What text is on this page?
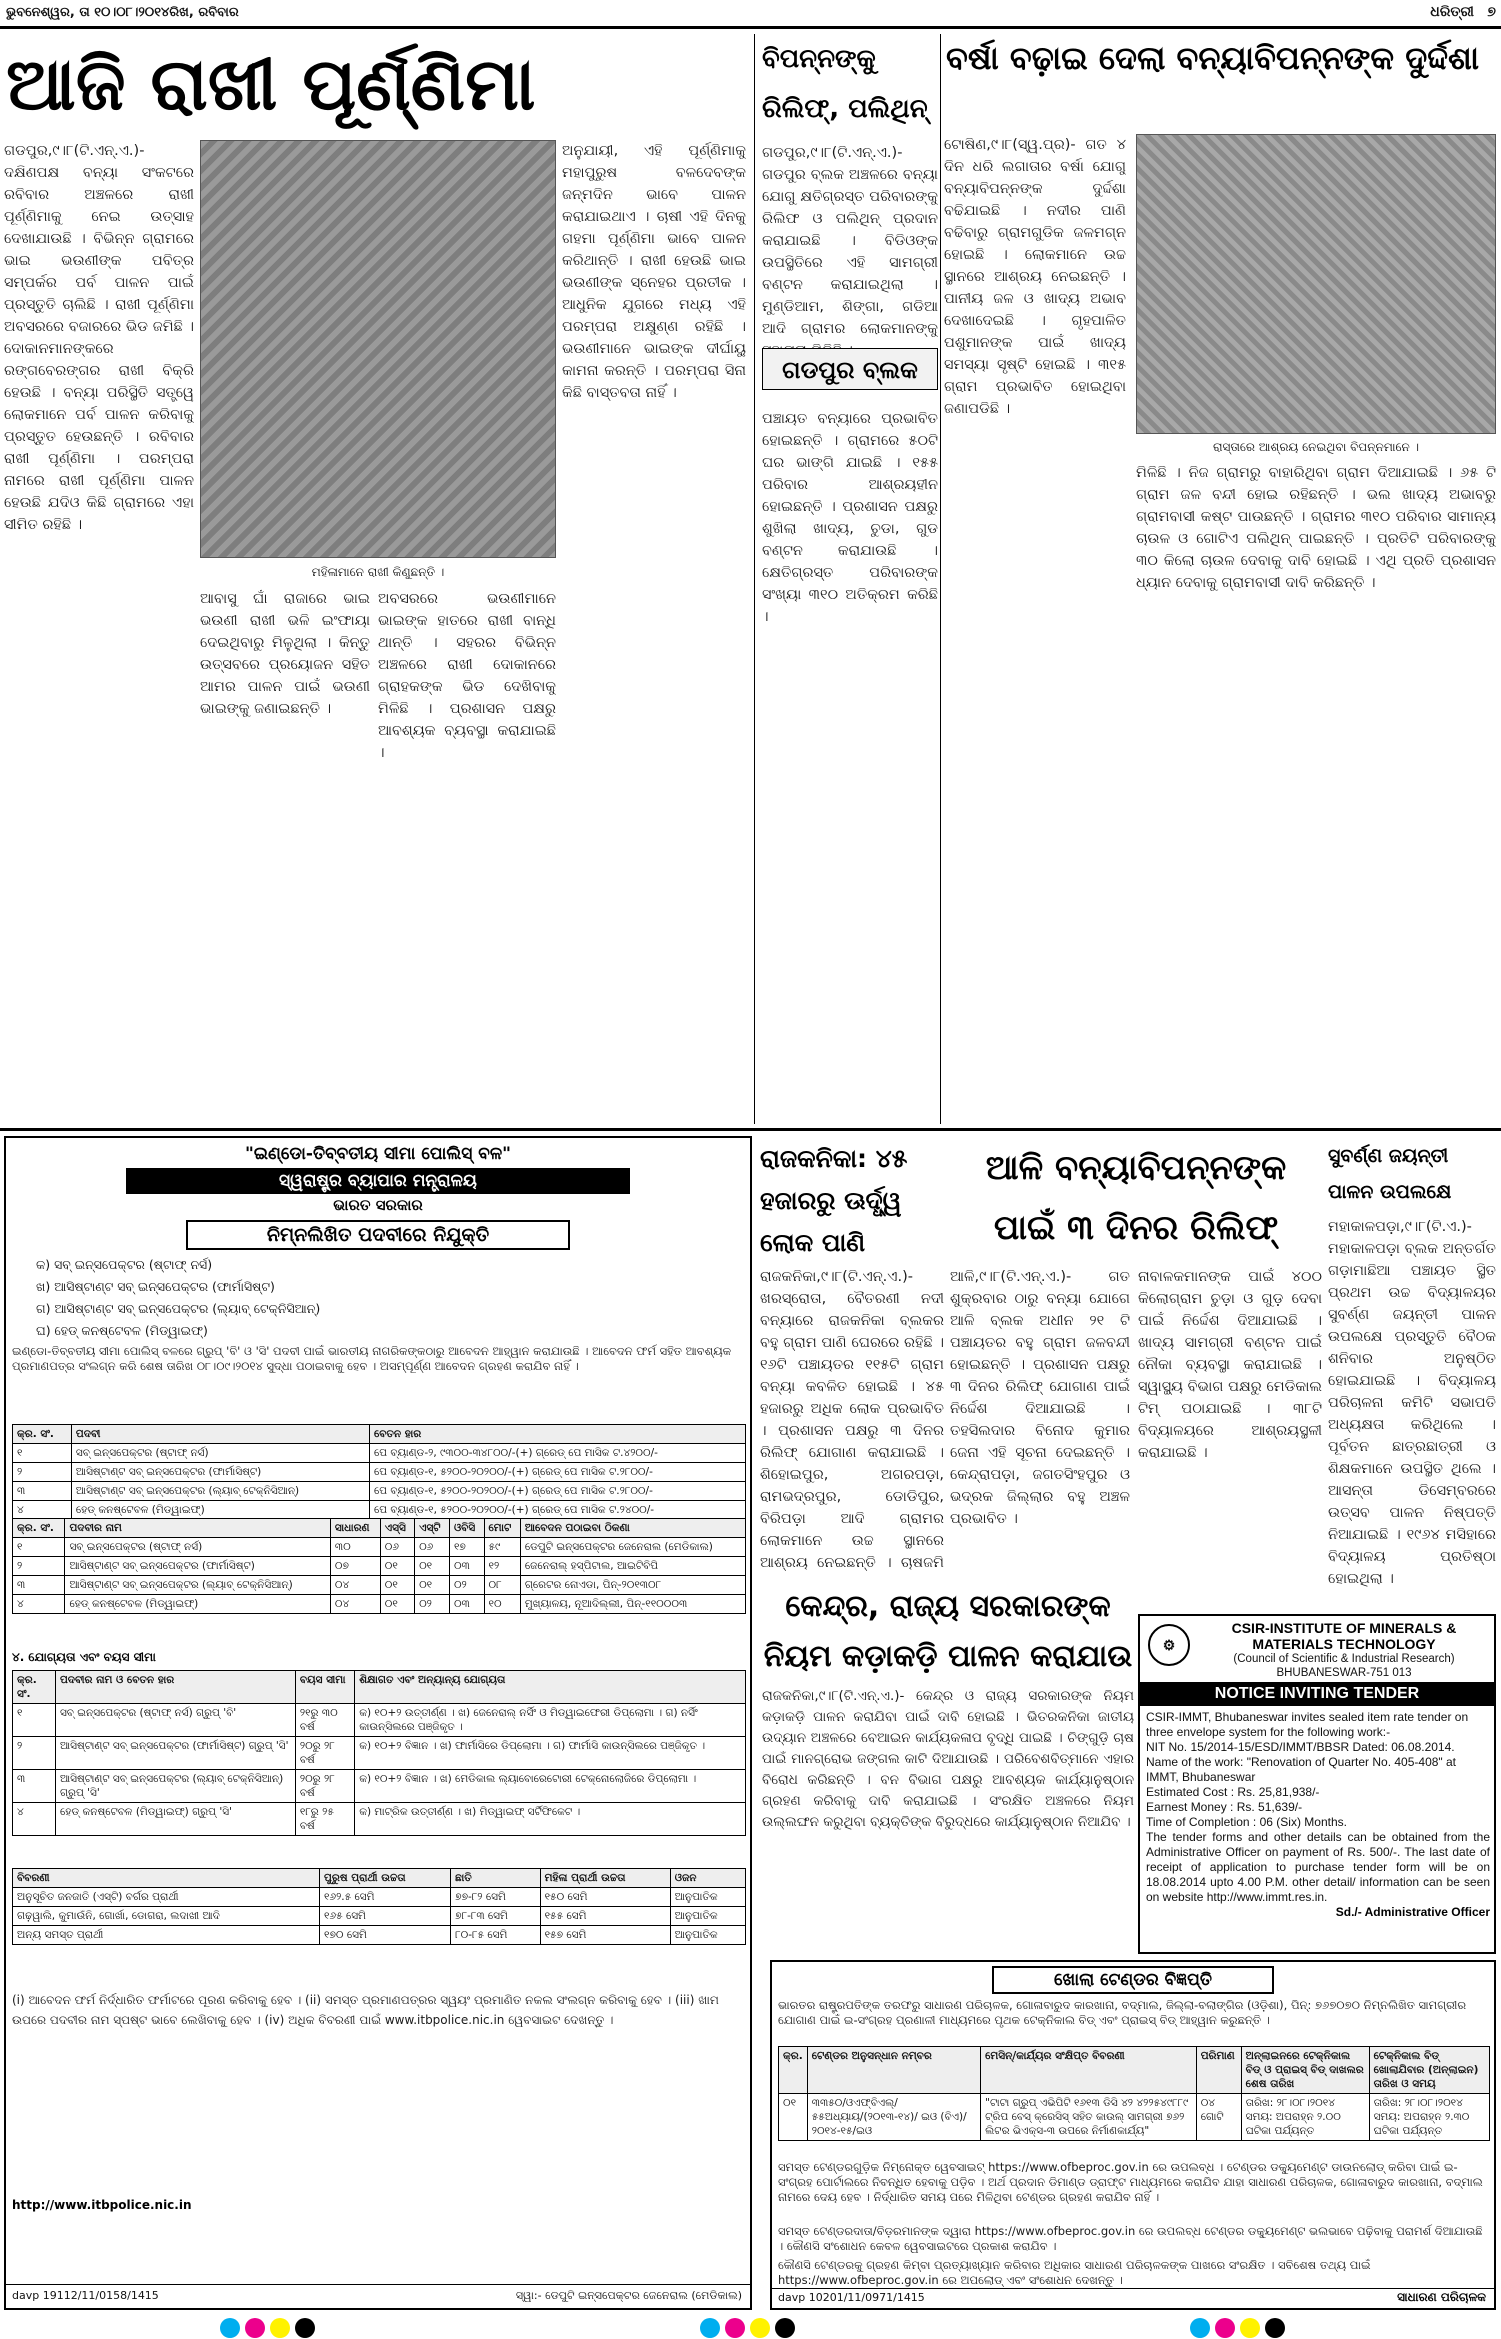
ଭୁବନେଶ୍ୱର, ତା ୧୦।୦୮।୨୦୧୪ରିଖ, ରବିବାର	ଧରିତ୍ରୀ ୭
ଆଜି ରାଖୀ ପୂର୍ଣ୍ଣିମା
ଗଡପୁର,୯।୮(ଟି.ଏନ୍.ଏ.)- ଦକ୍ଷିଣପକ୍ଷ ବନ୍ୟା ସଂକଟରେ ରବିବାର ଅଞ୍ଚଳରେ ରାଖୀ ପୂର୍ଣ୍ଣିମାକୁ ନେଇ ଉତ୍ସାହ ଦେଖାଯାଉଛି । ବିଭିନ୍ନ ଗ୍ରାମରେ ଭାଇ ଭଉଣୀଙ୍କ ପବିତ୍ର ସମ୍ପର୍କର ପର୍ବ ପାଳନ ପାଇଁ ପ୍ରସ୍ତୁତି ଚାଲିଛି । ରାଖୀ ପୂର୍ଣ୍ଣିମା ଅବସରରେ ବଜାରରେ ଭିଡ ଜମିଛି । ଦୋକାନମାନଙ୍କରେ ରଙ୍ଗବେରଙ୍ଗର ରାଖୀ ବିକ୍ରି ହେଉଛି । ବନ୍ୟା ପରିସ୍ଥିତି ସତ୍ତ୍ୱେ ଲୋକମାନେ ପର୍ବ ପାଳନ କରିବାକୁ ପ୍ରସ୍ତୁତ ହେଉଛନ୍ତି । ରବିବାର ରାଖୀ ପୂର୍ଣ୍ଣିମା । ପରମ୍ପରା ନାମରେ ରାଖୀ ପୂର୍ଣ୍ଣିମା ପାଳନ ହେଉଛି ଯଦିଓ କିଛି ଗ୍ରାମରେ ଏହା ସୀମିତ ରହିଛି ।
ମହିଳାମାନେ ରାଖୀ କିଣୁଛନ୍ତି ।
ଆବାସୁ ଘାଁ ରାଜାରେ ଭାଇ ଭଉଣୀ ରାଖୀ ଭଳି ଇଂଫାୟା ଦେଇଥିବାରୁ ମିଳୁଥିଲା । କିନ୍ତୁ ଉତ୍ସବରେ ପ୍ରୟୋଜନ ସହିତ ଆମର ପାଳନ ପାଇଁ ଭଉଣୀ ଭାଇଙ୍କୁ ଜଣାଇଛନ୍ତି ।
ଅବସରରେ ଭଉଣୀମାନେ ଭାଇଙ୍କ ହାତରେ ରାଖୀ ବାନ୍ଧି ଥାନ୍ତି । ସହରର ବିଭିନ୍ନ ଅଞ୍ଚଳରେ ରାଖୀ ଦୋକାନରେ ଗ୍ରାହକଙ୍କ ଭିଡ ଦେଖିବାକୁ ମିଳିଛି । ପ୍ରଶାସନ ପକ୍ଷରୁ ଆବଶ୍ୟକ ବ୍ୟବସ୍ଥା କରାଯାଇଛି ।
ଅନୁଯାୟୀ, ଏହି ପୂର୍ଣ୍ଣିମାକୁ ମହାପୁରୁଷ ବଳଦେବଙ୍କ ଜନ୍ମଦିନ ଭାବେ ପାଳନ କରାଯାଇଥାଏ । ଚାଷୀ ଏହି ଦିନକୁ ଗହମା ପୂର୍ଣ୍ଣିମା ଭାବେ ପାଳନ କରିଥାନ୍ତି । ରାଖୀ ହେଉଛି ଭାଇ ଭଉଣୀଙ୍କ ସ୍ନେହର ପ୍ରତୀକ । ଆଧୁନିକ ଯୁଗରେ ମଧ୍ୟ ଏହି ପରମ୍ପରା ଅକ୍ଷୁଣ୍ଣ ରହିଛି । ଭଉଣୀମାନେ ଭାଇଙ୍କ ଦୀର୍ଘାୟୁ କାମନା କରନ୍ତି । ପରମ୍ପରା ସିନା କିଛି ବାସ୍ତବତା ନାହିଁ ।
ବିପନ୍ନଙ୍କୁ ରିଲିଫ୍, ପଲିଥିନ୍
ଗଡପୁର,୯।୮(ଟି.ଏନ୍.ଏ.)- ଗଡପୁର ବ୍ଲକ ଅଞ୍ଚଳରେ ବନ୍ୟା ଯୋଗୁ କ୍ଷତିଗ୍ରସ୍ତ ପରିବାରଙ୍କୁ ରିଲିଫ ଓ ପଲିଥିନ୍ ପ୍ରଦାନ କରାଯାଇଛି । ବିଡିଓଙ୍କ ଉପସ୍ଥିତିରେ ଏହି ସାମଗ୍ରୀ ବଣ୍ଟନ କରାଯାଇଥିଲା । ମୁଣ୍ଡିଆମ, ଶିଙ୍ଗା, ଗଡିଆ ଆଦି ଗ୍ରାମର ଲୋକମାନଙ୍କୁ
ଗଡପୁର ବ୍ଲକ
ପଞ୍ଚାୟତ ବନ୍ୟାରେ ପ୍ରଭାବିତ ହୋଇଛନ୍ତି । ଗ୍ରାମରେ ୫୦ଟି ଘର ଭାଙ୍ଗି ଯାଇଛି । ୧୫୫ ପରିବାର ଆଶ୍ରୟହୀନ ହୋଇଛନ୍ତି । ପ୍ରଶାସନ ପକ୍ଷରୁ ଶୁଖିଲା ଖାଦ୍ୟ, ଚୁଡା, ଗୁଡ ବଣ୍ଟନ କରାଯାଉଛି । କ୍ଷେତିଗ୍ରସ୍ତ ପରିବାରଙ୍କ ସଂଖ୍ୟା ୩୧୦ ଅତିକ୍ରମ କରିଛି ।
ବର୍ଷା ବଢ଼ାଇ ଦେଲା ବନ୍ୟାବିପନ୍ନଙ୍କ ଦୁର୍ଦ୍ଦଶା
ଟୋଷିଣ,୯।୮(ସ୍ୱ.ପ୍ର)- ଗତ ୪ ଦିନ ଧରି ଲଗାତାର ବର୍ଷା ଯୋଗୁ ବନ୍ୟାବିପନ୍ନଙ୍କ ଦୁର୍ଦ୍ଦଶା ବଢିଯାଇଛି । ନଦୀର ପାଣି ବଢିବାରୁ ଗ୍ରାମଗୁଡିକ ଜଳମଗ୍ନ ହୋଇଛି । ଲୋକମାନେ ଉଚ୍ଚ ସ୍ଥାନରେ ଆଶ୍ରୟ ନେଇଛନ୍ତି । ପାନୀୟ ଜଳ ଓ ଖାଦ୍ୟ ଅଭାବ ଦେଖାଦେଇଛି । ଗୃହପାଳିତ ପଶୁମାନଙ୍କ ପାଇଁ ଖାଦ୍ୟ ସମସ୍ୟା ସୃଷ୍ଟି ହୋଇଛି । ୩୧୫ ଗ୍ରାମ ପ୍ରଭାବିତ ହୋଇଥିବା ଜଣାପଡିଛି ।
ରାସ୍ତାରେ ଆଶ୍ରୟ ନେଇଥିବା ବିପନ୍ନମାନେ ।
ମିଳିଛି । ନିଜ ଗ୍ରାମରୁ ବାହାରିଥିବା ଗ୍ରାମ ଦିଆଯାଇଛି । ୬୫ ଟି ଗ୍ରାମ ଜଳ ବନ୍ଦୀ ହୋଇ ରହିଛନ୍ତି । ଭଲ ଖାଦ୍ୟ ଅଭାବରୁ ଗ୍ରାମବାସୀ କଷ୍ଟ ପାଉଛନ୍ତି । ଗ୍ରାମର ୩୧୦ ପରିବାର ସାମାନ୍ୟ ଚାଉଳ ଓ ଗୋଟିଏ ପଲିଥିନ୍ ପାଇଛନ୍ତି । ପ୍ରତିଟି ପରିବାରଙ୍କୁ ୩୦ କିଲୋ ଚାଉଳ ଦେବାକୁ ଦାବି ହୋଇଛି । ଏଥି ପ୍ରତି ପ୍ରଶାସନ ଧ୍ୟାନ ଦେବାକୁ ଗ୍ରାମବାସୀ ଦାବି କରିଛନ୍ତି ।
"ଇଣ୍ଡୋ-ତିବ୍ବତୀୟ ସୀମା ପୋଲିସ୍ ବଳ"
ସ୍ୱରାଷ୍ଟ୍ର ବ୍ୟାପାର ମନ୍ତ୍ରାଳୟ
ଭାରତ ସରକାର
ନିମ୍ନଲିଖିତ ପଦବୀରେ ନିଯୁକ୍ତି
କ) ସବ୍ ଇନ୍ସପେକ୍ଟର (ଷ୍ଟାଫ୍ ନର୍ସ)
ଖ) ଆସିଷ୍ଟାଣ୍ଟ ସବ୍ ଇନ୍ସପେକ୍ଟର (ଫାର୍ମାସିଷ୍ଟ)
ଗ) ଆସିଷ୍ଟାଣ୍ଟ ସବ୍ ଇନ୍ସପେକ୍ଟର (ଲ୍ୟାବ୍ ଟେକ୍ନିସିଆନ୍)
ଘ) ହେଡ୍ କନଷ୍ଟେବଳ (ମିଡ୍‌ୱାଇଫ୍)
ଇଣ୍ଡୋ-ତିବ୍ବତୀୟ ସୀମା ପୋଲିସ୍ ବଳରେ ଗ୍ରୁପ୍ 'ବି' ଓ 'ସି' ପଦବୀ ପାଇଁ ଭାରତୀୟ ନାଗରିକଙ୍କଠାରୁ ଆବେଦନ ଆହ୍ୱାନ କରାଯାଉଛି । ଆବେଦନ ଫର୍ମ ସହିତ ଆବଶ୍ୟକ ପ୍ରମାଣପତ୍ର ସଂଲଗ୍ନ କରି ଶେଷ ତାରିଖ ୦୮।୦୯।୨୦୧୪ ସୁଦ୍ଧା ପଠାଇବାକୁ ହେବ । ଅସମ୍ପୂର୍ଣ୍ଣ ଆବେଦନ ଗ୍ରହଣ କରାଯିବ ନାହିଁ ।
କ୍ର. ସଂ.	ପଦବୀ	ବେତନ ହାର
୧	ସବ୍ ଇନ୍ସପେକ୍ଟର (ଷ୍ଟାଫ୍ ନର୍ସ)	ପେ ବ୍ୟାଣ୍ଡ-୨, ୯୩୦୦-୩୪୮୦୦/-(+) ଗ୍ରେଡ୍ ପେ ମାସିକ ଟ.୪୨୦୦/-
୨	ଆସିଷ୍ଟାଣ୍ଟ ସବ୍ ଇନ୍ସପେକ୍ଟର (ଫାର୍ମାସିଷ୍ଟ)	ପେ ବ୍ୟାଣ୍ଡ-୧, ୫୨୦୦-୨୦୨୦୦/-(+) ଗ୍ରେଡ୍ ପେ ମାସିକ ଟ.୨୮୦୦/-
୩	ଆସିଷ୍ଟାଣ୍ଟ ସବ୍ ଇନ୍ସପେକ୍ଟର (ଲ୍ୟାବ୍ ଟେକ୍ନିସିଆନ୍)	ପେ ବ୍ୟାଣ୍ଡ-୧, ୫୨୦୦-୨୦୨୦୦/-(+) ଗ୍ରେଡ୍ ପେ ମାସିକ ଟ.୨୮୦୦/-
୪	ହେଡ୍ କନଷ୍ଟେବଳ (ମିଡ୍‌ୱାଇଫ୍)	ପେ ବ୍ୟାଣ୍ଡ-୧, ୫୨୦୦-୨୦୨୦୦/-(+) ଗ୍ରେଡ୍ ପେ ମାସିକ ଟ.୨୪୦୦/-
କ୍ର. ସଂ.	ପଦବୀର ନାମ	ସାଧାରଣ	ଏସ୍‌ସି	ଏସ୍‌ଟି	ଓବିସି	ମୋଟ	ଆବେଦନ ପଠାଇବା ଠିକଣା
୧	ସବ୍ ଇନ୍ସପେକ୍ଟର (ଷ୍ଟାଫ୍ ନର୍ସ)	୩୦	୦୬	୦୬	୧୭	୫୯	ଡେପୁଟି ଇନ୍ସପେକ୍ଟର ଜେନେରାଲ (ମେଡିକାଲ)
୨	ଆସିଷ୍ଟାଣ୍ଟ ସବ୍ ଇନ୍ସପେକ୍ଟର (ଫାର୍ମାସିଷ୍ଟ)	୦୭	୦୧	୦୧	୦୩	୧୨	ଜେନେରାଲ୍ ହସ୍ପିଟାଲ, ଆଇଟିବିପି
୩	ଆସିଷ୍ଟାଣ୍ଟ ସବ୍ ଇନ୍ସପେକ୍ଟର (ଲ୍ୟାବ୍ ଟେକ୍ନିସିଆନ୍)	୦୪	୦୧	୦୧	୦୨	୦୮	ଗ୍ରେଟର ନୋଏଡା, ପିନ୍-୨୦୧୩୦୮
୪	ହେଡ୍ କନଷ୍ଟେବଳ (ମିଡ୍‌ୱାଇଫ୍)	୦୪	୦୧	୦୨	୦୩	୧୦	ମୁଖ୍ୟାଳୟ, ନୂଆଦିଲ୍ଲୀ, ପିନ୍-୧୧୦୦୦୩
୪. ଯୋଗ୍ୟତା ଏବଂ ବୟସ ସୀମା
କ୍ର. ସଂ.	ପଦବୀର ନାମ ଓ ବେତନ ହାର	ବୟସ ସୀମା	ଶିକ୍ଷାଗତ ଏବଂ ଅନ୍ୟାନ୍ୟ ଯୋଗ୍ୟତା
୧	ସବ୍ ଇନ୍ସପେକ୍ଟର (ଷ୍ଟାଫ୍ ନର୍ସ) ଗ୍ରୁପ୍ 'ବି'	୨୧ରୁ ୩୦ ବର୍ଷ	କ) ୧୦+୨ ଉତ୍ତୀର୍ଣ୍ଣ । ଖ) ଜେନେରାଲ୍ ନର୍ସିଂ ଓ ମିଡ୍‌ୱାଇଫେରୀ ଡିପ୍ଲୋମା । ଗ) ନର୍ସିଂ କାଉନ୍ସିଲରେ ପଞ୍ଜିକୃତ ।
୨	ଆସିଷ୍ଟାଣ୍ଟ ସବ୍ ଇନ୍ସପେକ୍ଟର (ଫାର୍ମାସିଷ୍ଟ) ଗ୍ରୁପ୍ 'ସି'	୨୦ରୁ ୨୮ ବର୍ଷ	କ) ୧୦+୨ ବିଜ୍ଞାନ । ଖ) ଫାର୍ମାସିରେ ଡିପ୍ଲୋମା । ଗ) ଫାର୍ମାସି କାଉନ୍ସିଲରେ ପଞ୍ଜିକୃତ ।
୩	ଆସିଷ୍ଟାଣ୍ଟ ସବ୍ ଇନ୍ସପେକ୍ଟର (ଲ୍ୟାବ୍ ଟେକ୍ନିସିଆନ୍) ଗ୍ରୁପ୍ 'ସି'	୨୦ରୁ ୨୮ ବର୍ଷ	କ) ୧୦+୨ ବିଜ୍ଞାନ । ଖ) ମେଡିକାଲ ଲ୍ୟାବୋରେଟୋରୀ ଟେକ୍ନୋଲୋଜିରେ ଡିପ୍ଲୋମା ।
୪	ହେଡ୍ କନଷ୍ଟେବଳ (ମିଡ୍‌ୱାଇଫ୍) ଗ୍ରୁପ୍ 'ସି'	୧୮ରୁ ୨୫ ବର୍ଷ	କ) ମାଟ୍ରିକ ଉତ୍ତୀର୍ଣ୍ଣ । ଖ) ମିଡ୍‌ୱାଇଫ୍ ସର୍ଟିଫିକେଟ ।
ବିବରଣୀ	ପୁରୁଷ ପ୍ରାର୍ଥୀ ଉଚ୍ଚତା	ଛାତି	ମହିଳା ପ୍ରାର୍ଥୀ ଉଚ୍ଚତା	ଓଜନ
ଅନୁସୂଚିତ ଜନଜାତି (ଏସ୍‌ଟି) ବର୍ଗର ପ୍ରାର୍ଥୀ	୧୬୨.୫ ସେମି	୭୭-୮୨ ସେମି	୧୫୦ ସେମି	ଆନୁପାତିକ
ଗଢ଼ୱାଲି, କୁମାଉଁନି, ଗୋର୍ଖା, ଡୋଗରା, ଲଦାଖୀ ଆଦି	୧୬୫ ସେମି	୭୮-୮୩ ସେମି	୧୫୫ ସେମି	ଆନୁପାତିକ
ଅନ୍ୟ ସମସ୍ତ ପ୍ରାର୍ଥୀ	୧୭୦ ସେମି	୮୦-୮୫ ସେମି	୧୫୭ ସେମି	ଆନୁପାତିକ
(i) ଆବେଦନ ଫର୍ମ ନିର୍ଦ୍ଧାରିତ ଫର୍ମାଟରେ ପୂରଣ କରିବାକୁ ହେବ । (ii) ସମସ୍ତ ପ୍ରମାଣପତ୍ରର ସ୍ୱୟଂ ପ୍ରମାଣିତ ନକଲ ସଂଲଗ୍ନ କରିବାକୁ ହେବ । (iii) ଖାମ ଉପରେ ପଦବୀର ନାମ ସ୍ପଷ୍ଟ ଭାବେ ଲେଖିବାକୁ ହେବ । (iv) ଅଧିକ ବିବରଣୀ ପାଇଁ www.itbpolice.nic.in ୱେବସାଇଟ ଦେଖନ୍ତୁ ।
http://www.itbpolice.nic.in
davp 19112/11/0158/1415	ସ୍ୱା:- ଡେପୁଟି ଇନ୍ସପେକ୍ଟର ଜେନେରାଲ (ମେଡିକାଲ)
ରାଜକନିକା: ୪୫ ହଜାରରୁ ଊର୍ଦ୍ଧ୍ୱ ଲୋକ ପାଣି
ରାଜକନିକା,୯।୮(ଟି.ଏନ୍.ଏ.)- ଖରସ୍ରୋତା, ବୈତରଣୀ ନଦୀ ବନ୍ୟାରେ ରାଜକନିକା ବ୍ଲକର ବହୁ ଗ୍ରାମ ପାଣି ଘେରରେ ରହିଛି । ୧୬ଟି ପଞ୍ଚାୟତର ୧୧୫ଟି ଗ୍ରାମ ବନ୍ୟା କବଳିତ ହୋଇଛି । ୪୫ ହଜାରରୁ ଅଧିକ ଲୋକ ପ୍ରଭାବିତ । ପ୍ରଶାସନ ପକ୍ଷରୁ ୩ ଦିନର ରିଲିଫ୍ ଯୋଗାଣ କରାଯାଇଛି । ଶିହୋଇପୁର, ଅଗରପଡ଼ା, ରାମଭଦ୍ରପୁର, ଡୋଡିପୁର, ବିରିପଡ଼ା ଆଦି ଗ୍ରାମର ଲୋକମାନେ ଉଚ୍ଚ ସ୍ଥାନରେ ଆଶ୍ରୟ ନେଇଛନ୍ତି । ଚାଷଜମି
ଆଳି ବନ୍ୟାବିପନ୍ନଙ୍କ ପାଇଁ ୩ ଦିନର ରିଲିଫ୍
ଆଳି,୯।୮(ଟି.ଏନ୍.ଏ.)- ଗତ ଶୁକ୍ରବାର ଠାରୁ ବନ୍ୟା ଯୋଗେ ଆଳି ବ୍ଲକ ଅଧୀନ ୨୧ ଟି ପଞ୍ଚାୟତର ବହୁ ଗ୍ରାମ ଜଳବନ୍ଦୀ ହୋଇଛନ୍ତି । ପ୍ରଶାସନ ପକ୍ଷରୁ ୩ ଦିନର ରିଲିଫ୍ ଯୋଗାଣ ପାଇଁ ନିର୍ଦ୍ଦେଶ ଦିଆଯାଇଛି । ତହସିଲଦାର ବିନୋଦ କୁମାର ଜେନା ଏହି ସୂଚନା ଦେଇଛନ୍ତି । କେନ୍ଦ୍ରାପଡ଼ା, ଜଗତସିଂହପୁର ଓ ଭଦ୍ରକ ଜିଲ୍ଲାର ବହୁ ଅଞ୍ଚଳ ପ୍ରଭାବିତ ।
ନାବାଳକମାନଙ୍କ ପାଇଁ ୪୦୦ କିଲୋଗ୍ରାମ ଚୁଡ଼ା ଓ ଗୁଡ଼ ଦେବା ପାଇଁ ନିର୍ଦ୍ଦେଶ ଦିଆଯାଇଛି । ଖାଦ୍ୟ ସାମଗ୍ରୀ ବଣ୍ଟନ ପାଇଁ ନୌକା ବ୍ୟବସ୍ଥା କରାଯାଇଛି । ସ୍ୱାସ୍ଥ୍ୟ ବିଭାଗ ପକ୍ଷରୁ ମେଡିକାଲ ଟିମ୍ ପଠାଯାଇଛି । ୩୮ଟି ବିଦ୍ୟାଳୟରେ ଆଶ୍ରୟସ୍ଥଳୀ କରାଯାଇଛି ।
ସୁବର୍ଣ୍ଣ ଜୟନ୍ତୀ ପାଳନ ଉପଲକ୍ଷେ
ମହାକାଳପଡ଼ା,୯।୮(ଟି.ଏ.)- ମହାକାଳପଡ଼ା ବ୍ଲକ ଅନ୍ତର୍ଗତ ଗଡ଼ାମାଛିଆ ପଞ୍ଚାୟତ ସ୍ଥିତ ପ୍ରଥମ ଉଚ୍ଚ ବିଦ୍ୟାଳୟର ସୁବର୍ଣ୍ଣ ଜୟନ୍ତୀ ପାଳନ ଉପଲକ୍ଷେ ପ୍ରସ୍ତୁତି ବୈଠକ ଶନିବାର ଅନୁଷ୍ଠିତ ହୋଇଯାଇଛି । ବିଦ୍ୟାଳୟ ପରିଚାଳନା କମିଟି ସଭାପତି ଅଧ୍ୟକ୍ଷତା କରିଥିଲେ । ପୂର୍ବତନ ଛାତ୍ରଛାତ୍ରୀ ଓ ଶିକ୍ଷକମାନେ ଉପସ୍ଥିତ ଥିଲେ । ଆସନ୍ତା ଡିସେମ୍ବରରେ ଉତ୍ସବ ପାଳନ ନିଷ୍ପତ୍ତି ନିଆଯାଇଛି । ୧୯୬୪ ମସିହାରେ ବିଦ୍ୟାଳୟ ପ୍ରତିଷ୍ଠା ହୋଇଥିଲା ।
କେନ୍ଦ୍ର, ରାଜ୍ୟ ସରକାରଙ୍କ ନିୟମ କଡ଼ାକଡ଼ି ପାଳନ କରାଯାଉ
ରାଜକନିକା,୯।୮(ଟି.ଏନ୍.ଏ.)- କେନ୍ଦ୍ର ଓ ରାଜ୍ୟ ସରକାରଙ୍କ ନିୟମ କଡ଼ାକଡ଼ି ପାଳନ କରାଯିବା ପାଇଁ ଦାବି ହୋଇଛି । ଭିତରକନିକା ଜାତୀୟ ଉଦ୍ୟାନ ଅଞ୍ଚଳରେ ବେଆଇନ କାର୍ଯ୍ୟକଳାପ ବୃଦ୍ଧି ପାଇଛି । ଚିଙ୍ଗୁଡ଼ି ଚାଷ ପାଇଁ ମାନଗ୍ରୋଭ ଜଙ୍ଗଲ କାଟି ଦିଆଯାଉଛି । ପରିବେଶବିତ୍ମାନେ ଏହାର ବିରୋଧ କରିଛନ୍ତି । ବନ ବିଭାଗ ପକ୍ଷରୁ ଆବଶ୍ୟକ କାର୍ଯ୍ୟାନୁଷ୍ଠାନ ଗ୍ରହଣ କରିବାକୁ ଦାବି କରାଯାଇଛି । ସଂରକ୍ଷିତ ଅଞ୍ଚଳରେ ନିୟମ ଉଲ୍ଲଙ୍ଘନ କରୁଥିବା ବ୍ୟକ୍ତିଙ୍କ ବିରୁଦ୍ଧରେ କାର୍ଯ୍ୟାନୁଷ୍ଠାନ ନିଆଯିବ ।
⚙
CSIR-INSTITUTE OF MINERALS &
MATERIALS TECHNOLOGY
(Council of Scientific & Industrial Research)
BHUBANESWAR-751 013
NOTICE INVITING TENDER
CSIR-IMMT, Bhubaneswar invites sealed item rate tender on three envelope system for the following work:-
NIT No. 15/2014-15/ESD/IMMT/BBSR Dated: 06.08.2014.
Name of the work: "Renovation of Quarter No. 405-408" at IMMT, Bhubaneswar
Estimated Cost : Rs. 25,81,938/-
Earnest Money : Rs. 51,639/-
Time of Completion : 06 (Six) Months.
The tender forms and other details can be obtained from the Administrative Officer on payment of Rs. 500/-. The last date of receipt of application to purchase tender form will be on 18.08.2014 upto 4.00 P.M. other detail/ information can be seen on website http://www.immt.res.in.
Sd./- Administrative Officer
ଖୋଲା ଟେଣ୍ଡର ବିଜ୍ଞପ୍ତି
ଭାରତର ରାଷ୍ଟ୍ରପତିଙ୍କ ତରଫରୁ ସାଧାରଣ ପରିଚାଳକ, ଗୋଳାବାରୁଦ କାରଖାନା, ବଦ୍ମାଲ, ଜିଲ୍ଲା-ବଲାଙ୍ଗିର (ଓଡ଼ିଶା), ପିନ୍: ୭୬୭୦୭୦ ନିମ୍ନଲିଖିତ ସାମଗ୍ରୀର ଯୋଗାଣ ପାଇଁ ଇ-ସଂଗ୍ରହ ପ୍ରଣାଳୀ ମାଧ୍ୟମରେ ପୃଥକ ଟେକ୍ନିକାଲ ବିଡ୍ ଏବଂ ପ୍ରାଇସ୍ ବିଡ୍ ଆହ୍ୱାନ କରୁଛନ୍ତି ।
କ୍ର.	ଟେଣ୍ଡର ଅନୁସନ୍ଧାନ ନମ୍ବର	ମେସିନ୍/କାର୍ଯ୍ୟର ସଂକ୍ଷିପ୍ତ ବିବରଣୀ	ପରିମାଣ	ଅନ୍‌ଲାଇନରେ ଟେକ୍ନିକାଲ ବିଡ୍ ଓ ପ୍ରାଇସ୍ ବିଡ୍ ଦାଖଲର ଶେଷ ତାରିଖ	ଟେକ୍ନିକାଲ ବିଡ୍ ଖୋଲାଯିବାର (ଅନ୍‌ଲାଇନ) ତାରିଖ ଓ ସମୟ
୦୧	୩୩୫୦/ଓଏଫ୍‌ବିଏଲ୍/ ୫୫ଅଧ୍ୟାୟ/(୨୦୧୩-୧୪)/ ଇଓ (ବିଏ)/ ୨୦୧୪-୧୫/ଇଓ	"ଟାଟା ଗ୍ରୁପ୍ ଏଭିପିଟି ୧୬୧୩ ଡିସି ୪୨ ୪୨୨୫୪୯୮୮୯ ଟ୍ରିପ ବେସ୍ କ୍ରେସିସ୍ ସହିତ କାଉଲ୍ ସାମଗ୍ରୀ ୭୬୨ ଲିଟର ଭିଏକ୍ସ-୩ ଉପରେ ନିର୍ମାଣକାର୍ଯ୍ୟ"	୦୪ ଗୋଟି	ତାରିଖ: ୨୮।୦୮।୨୦୧୪ ସମୟ: ଅପରାହ୍ନ ୨.୦୦ ଘଟିକା ପର୍ଯ୍ୟନ୍ତ	ତାରିଖ: ୨୮।୦୮।୨୦୧୪ ସମୟ: ଅପରାହ୍ନ ୨.୩୦ ଘଟିକା ପର୍ଯ୍ୟନ୍ତ
ସମସ୍ତ ଟେଣ୍ଡରଗୁଡ଼ିକ ନିମ୍ନୋକ୍ତ ୱେବସାଇଟ୍ https://www.ofbeproc.gov.in ରେ ଉପଲବ୍ଧ । ଟେଣ୍ଡର ଡକ୍ୟୁମେଣ୍ଟ ଡାଉନଲୋଡ୍ କରିବା ପାଇଁ ଇ-ସଂଗ୍ରହ ପୋର୍ଟାଲରେ ନିବନ୍ଧିତ ହେବାକୁ ପଡ଼ିବ । ଅର୍ଥ ପ୍ରଦାନ ଡିମାଣ୍ଡ ଡ୍ରାଫ୍ଟ ମାଧ୍ୟମରେ କରାଯିବ ଯାହା ସାଧାରଣ ପରିଚାଳକ, ଗୋଳାବାରୁଦ କାରଖାନା, ବଦ୍ମାଲ ନାମରେ ଦେୟ ହେବ । ନିର୍ଦ୍ଧାରିତ ସମୟ ପରେ ମିଳିଥିବା ଟେଣ୍ଡର ଗ୍ରହଣ କରାଯିବ ନାହିଁ ।
ସମସ୍ତ ଟେଣ୍ଡରଦାତା/ବିଡ଼ରମାନଙ୍କ ଦ୍ୱାରା https://www.ofbeproc.gov.in ରେ ଉପଲବ୍ଧ ଟେଣ୍ଡର ଡକ୍ୟୁମେଣ୍ଟ ଭଲଭାବେ ପଢ଼ିବାକୁ ପରାମର୍ଶ ଦିଆଯାଉଛି । କୌଣସି ସଂଶୋଧନ କେବଳ ୱେବସାଇଟରେ ପ୍ରକାଶ କରାଯିବ ।
କୌଣସି ଟେଣ୍ଡରକୁ ଗ୍ରହଣ କିମ୍ବା ପ୍ରତ୍ୟାଖ୍ୟାନ କରିବାର ଅଧିକାର ସାଧାରଣ ପରିଚାଳକଙ୍କ ପାଖରେ ସଂରକ୍ଷିତ । ସବିଶେଷ ତଥ୍ୟ ପାଇଁ https://www.ofbeproc.gov.in ରେ ଅପଲୋଡ୍ ଏବଂ ସଂଶୋଧନ ଦେଖନ୍ତୁ ।
davp 10201/11/0971/1415	ସାଧାରଣ ପରିଚାଳକ
